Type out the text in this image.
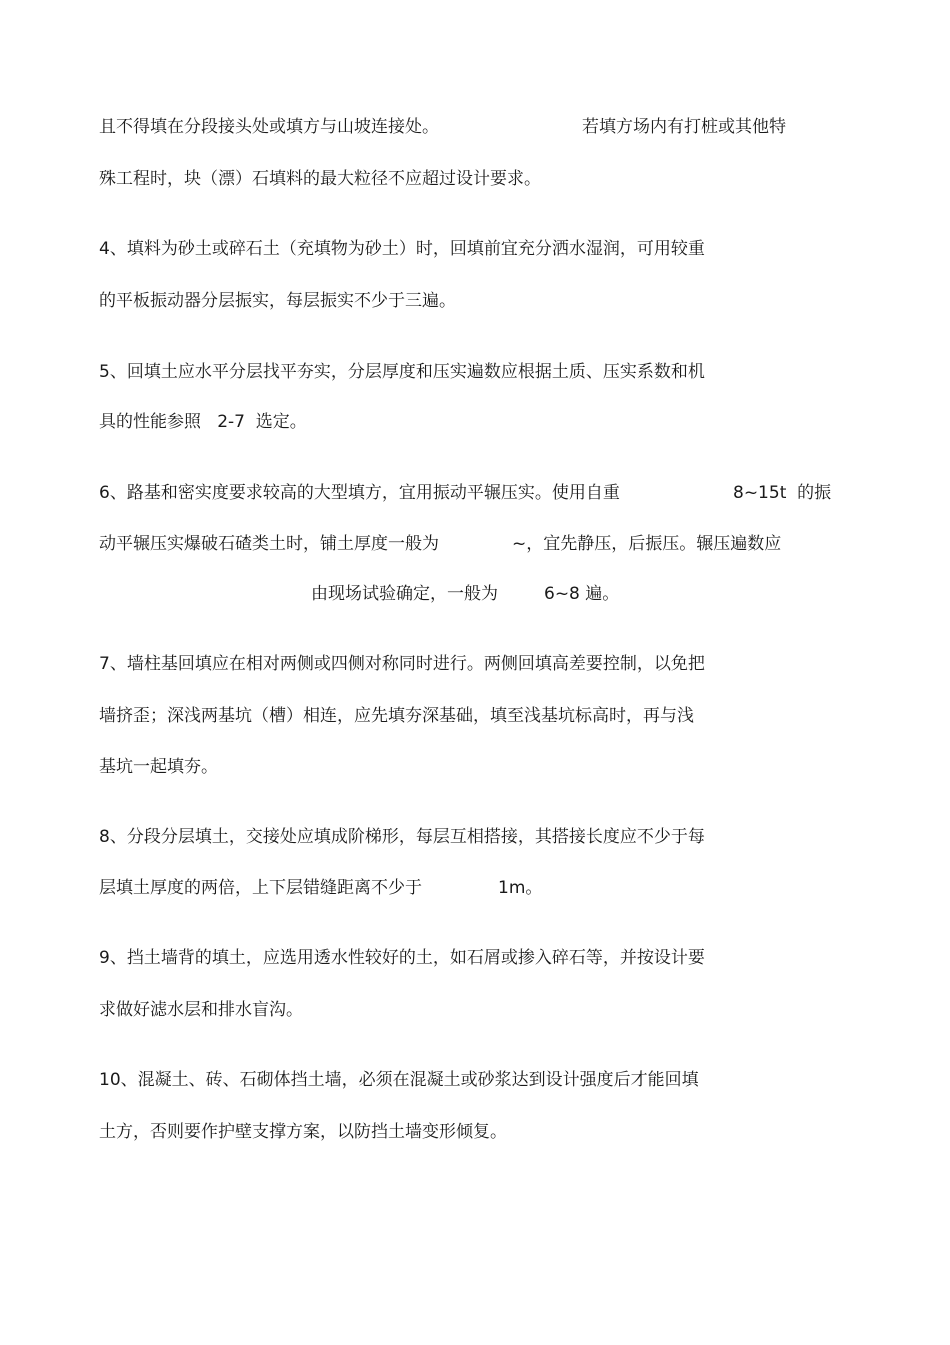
且不得填在分段接头处或填方与山坡连接处。	若填方场内有打桩或其他特
殊工程时，块（漂）石填料的最大粒径不应超过设计要求。
4、填料为砂土或碎石土（充填物为砂土）时，回填前宜充分洒水湿润，可用较重
的平板振动器分层振实，每层振实不少于三遍。
5、回填土应水平分层找平夯实，分层厚度和压实遍数应根据土质、压实系数和机
具的性能参照   2-7  选定。
6、路基和密实度要求较高的大型填方，宜用振动平辗压实。使用自重	8~15t  的振
动平辗压实爆破石碴类土时，铺土厚度一般为	~，宜先静压，后振压。辗压遍数应
由现场试验确定，一般为	6~8 遍。
7、墙柱基回填应在相对两侧或四侧对称同时进行。两侧回填高差要控制，以免把
墙挤歪；深浅两基坑（槽）相连，应先填夯深基础，填至浅基坑标高时，再与浅
基坑一起填夯。
8、分段分层填土，交接处应填成阶梯形，每层互相搭接，其搭接长度应不少于每
层填土厚度的两倍，上下层错缝距离不少于	1m。
9、挡土墙背的填土，应选用透水性较好的土，如石屑或掺入碎石等，并按设计要
求做好滤水层和排水盲沟。
10、混凝土、砖、石砌体挡土墙，必须在混凝土或砂浆达到设计强度后才能回填
土方，否则要作护壁支撑方案，以防挡土墙变形倾复。
